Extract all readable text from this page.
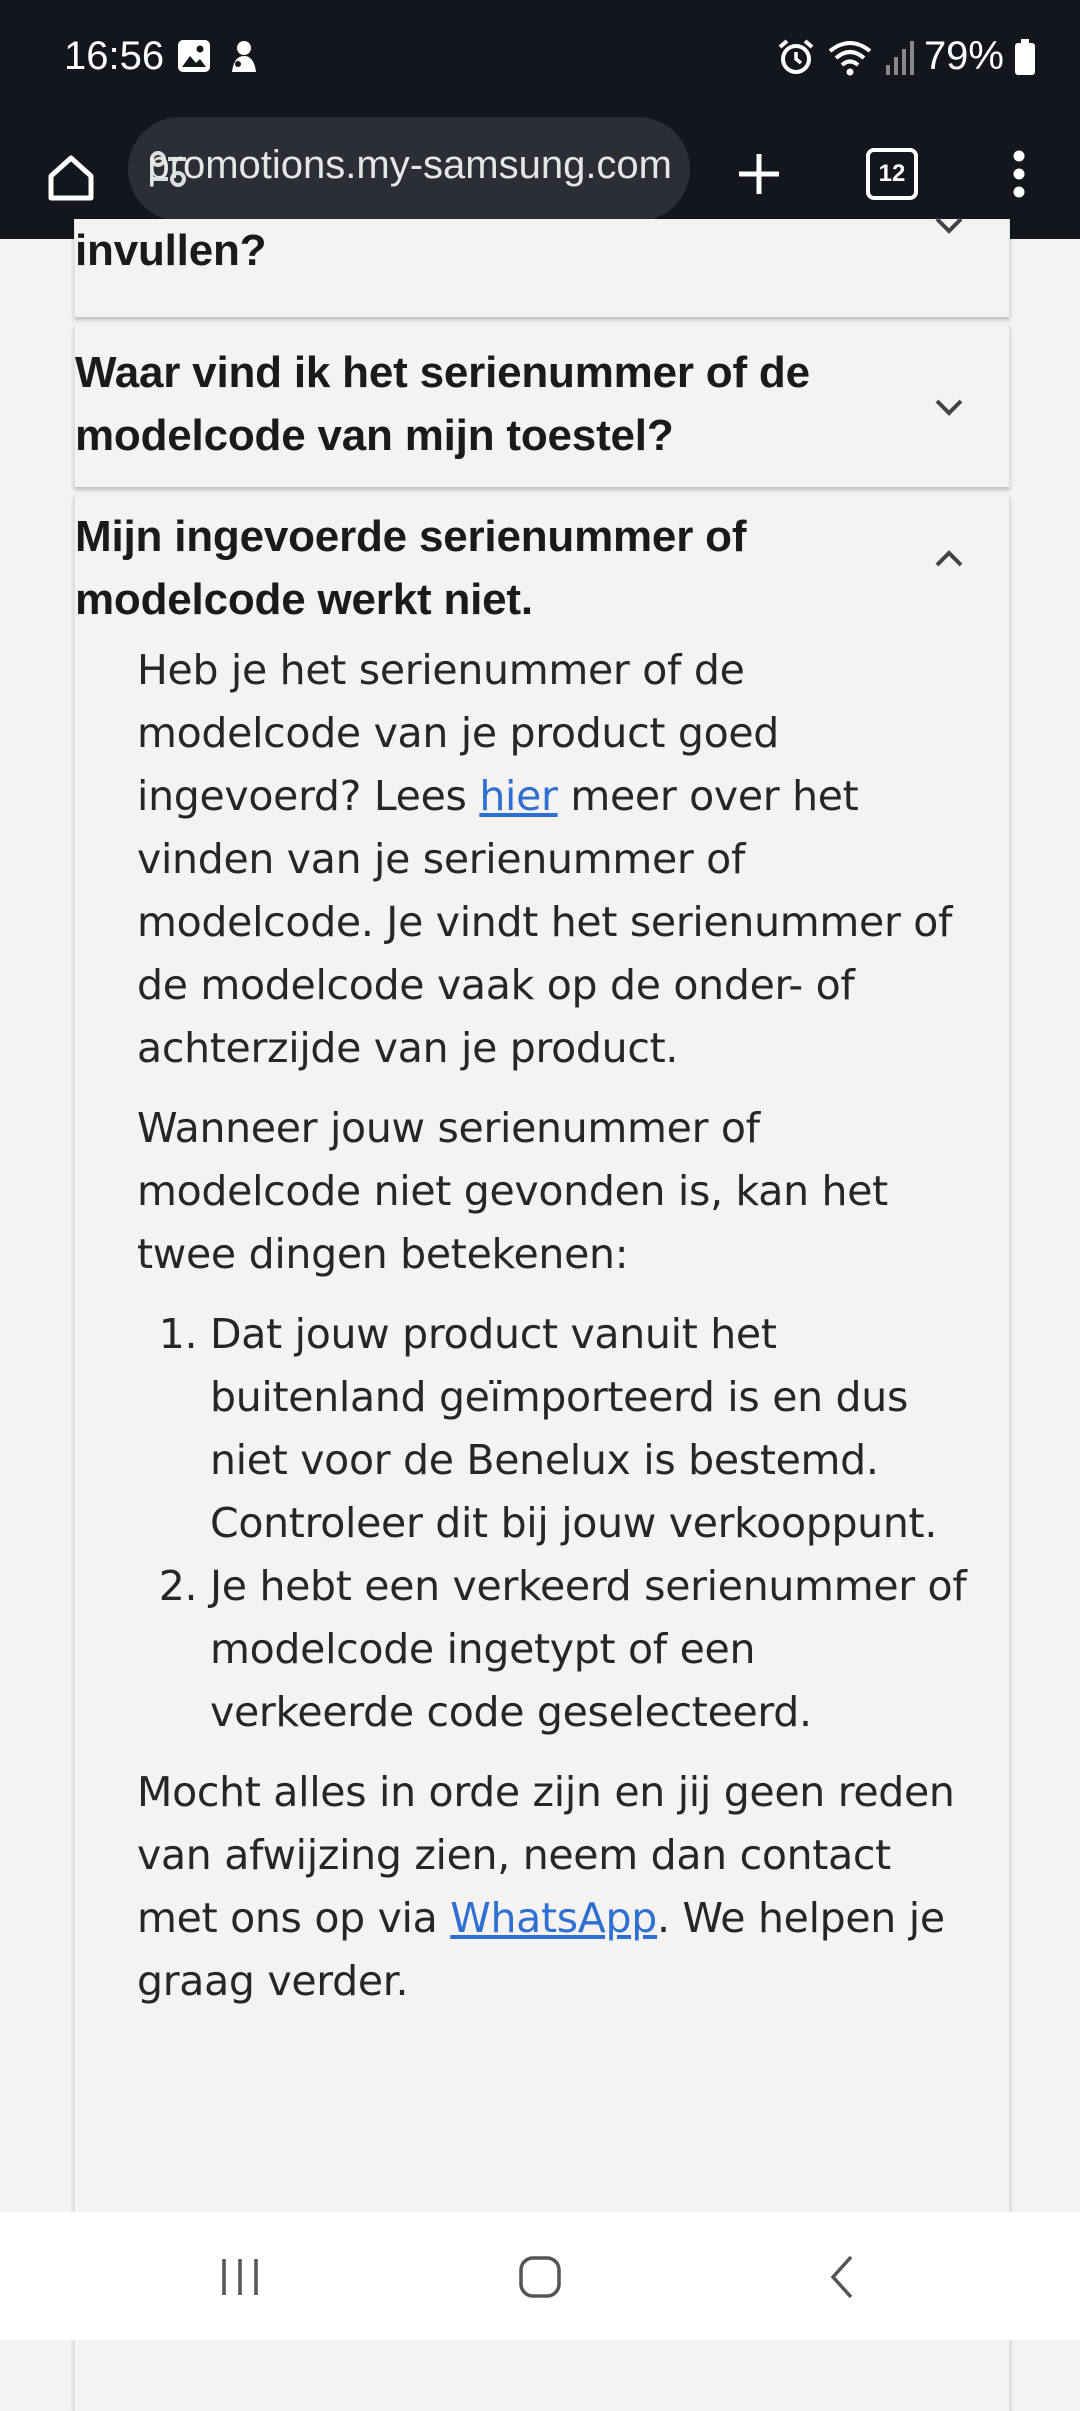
16:56	79%
promotions.my-samsung.com	12
invullen?
Waar vind ik het serienummer of de modelcode van mijn toestel?
Mijn ingevoerde serienummer of modelcode werkt niet.

Heb je het serienummer of de modelcode van je product goed ingevoerd? Lees hier meer over het vinden van je serienummer of modelcode. Je vindt het serienummer of de modelcode vaak op de onder- of achterzijde van je product.

Wanneer jouw serienummer of modelcode niet gevonden is, kan het twee dingen betekenen:

1. Dat jouw product vanuit het buitenland geïmporteerd is en dus niet voor de Benelux is bestemd. Controleer dit bij jouw verkooppunt.
2. Je hebt een verkeerd serienummer of modelcode ingetypt of een verkeerde code geselecteerd.

Mocht alles in orde zijn en jij geen reden van afwijzing zien, neem dan contact met ons op via WhatsApp. We helpen je graag verder.
